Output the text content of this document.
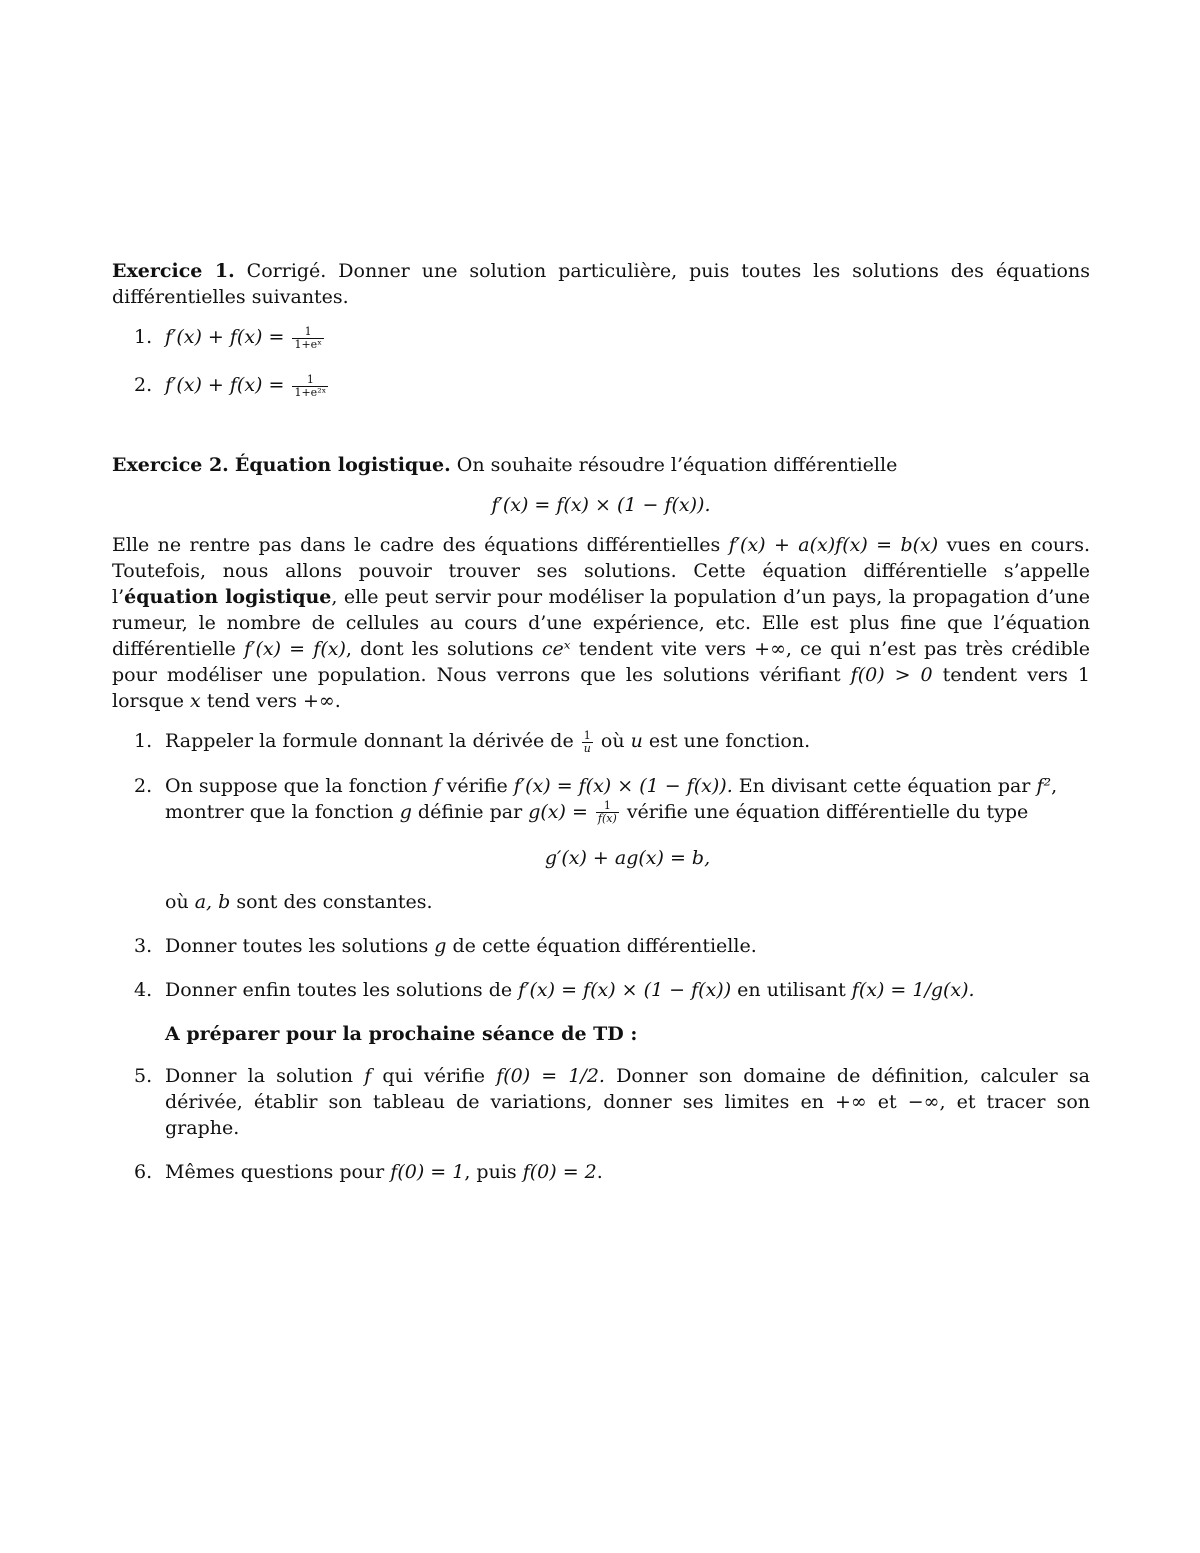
Exercice 1. Corrigé. Donner une solution particulière, puis toutes les solutions des équations différentielles suivantes.

1. $f'(x) + f(x) = \frac{1}{\text{1+eˣ}}$
2. $f'(x) + f(x) = \frac{1}{\text{1+e²ˣ}}$

Exercice 2. Équation logistique. On souhaite résoudre l’équation différentielle

f′(x) = f(x) × (1 − f(x)).

Elle ne rentre pas dans le cadre des équations différentielles f′(x) + a(x)f(x) = b(x) vues en cours. Toutefois, nous allons pouvoir trouver ses solutions. Cette équation différentielle s’appelle l’équation logistique, elle peut servir pour modéliser la population d’un pays, la propagation d’une rumeur, le nombre de cellules au cours d’une expérience, etc. Elle est plus fine que l’équation différentielle f′(x) = f(x), dont les solutions ceˣ tendent vite vers +∞, ce qui n’est pas très crédible pour modéliser une population. Nous verrons que les solutions vérifiant f(0) > 0 tendent vers 1 lorsque x tend vers +∞.

1. Rappeler la formule donnant la dérivée de $\frac{1}{u}$ où u est une fonction.
2. On suppose que la fonction f vérifie f′(x) = f(x) × (1 − f(x)). En divisant cette équation par f², montrer que la fonction g définie par $g(x) = \frac{1}{f(x)}$ vérifie une équation différentielle du type

g′(x) + ag(x) = b,

où a, b sont des constantes.

3. Donner toutes les solutions g de cette équation différentielle.
4. Donner enfin toutes les solutions de f′(x) = f(x) × (1 − f(x)) en utilisant f(x) = 1/g(x).

A préparer pour la prochaine séance de TD :

5. Donner la solution f qui vérifie f(0) = 1/2. Donner son domaine de définition, calculer sa dérivée, établir son tableau de variations, donner ses limites en +∞ et −∞, et tracer son graphe.
6. Mêmes questions pour f(0) = 1, puis f(0) = 2.
